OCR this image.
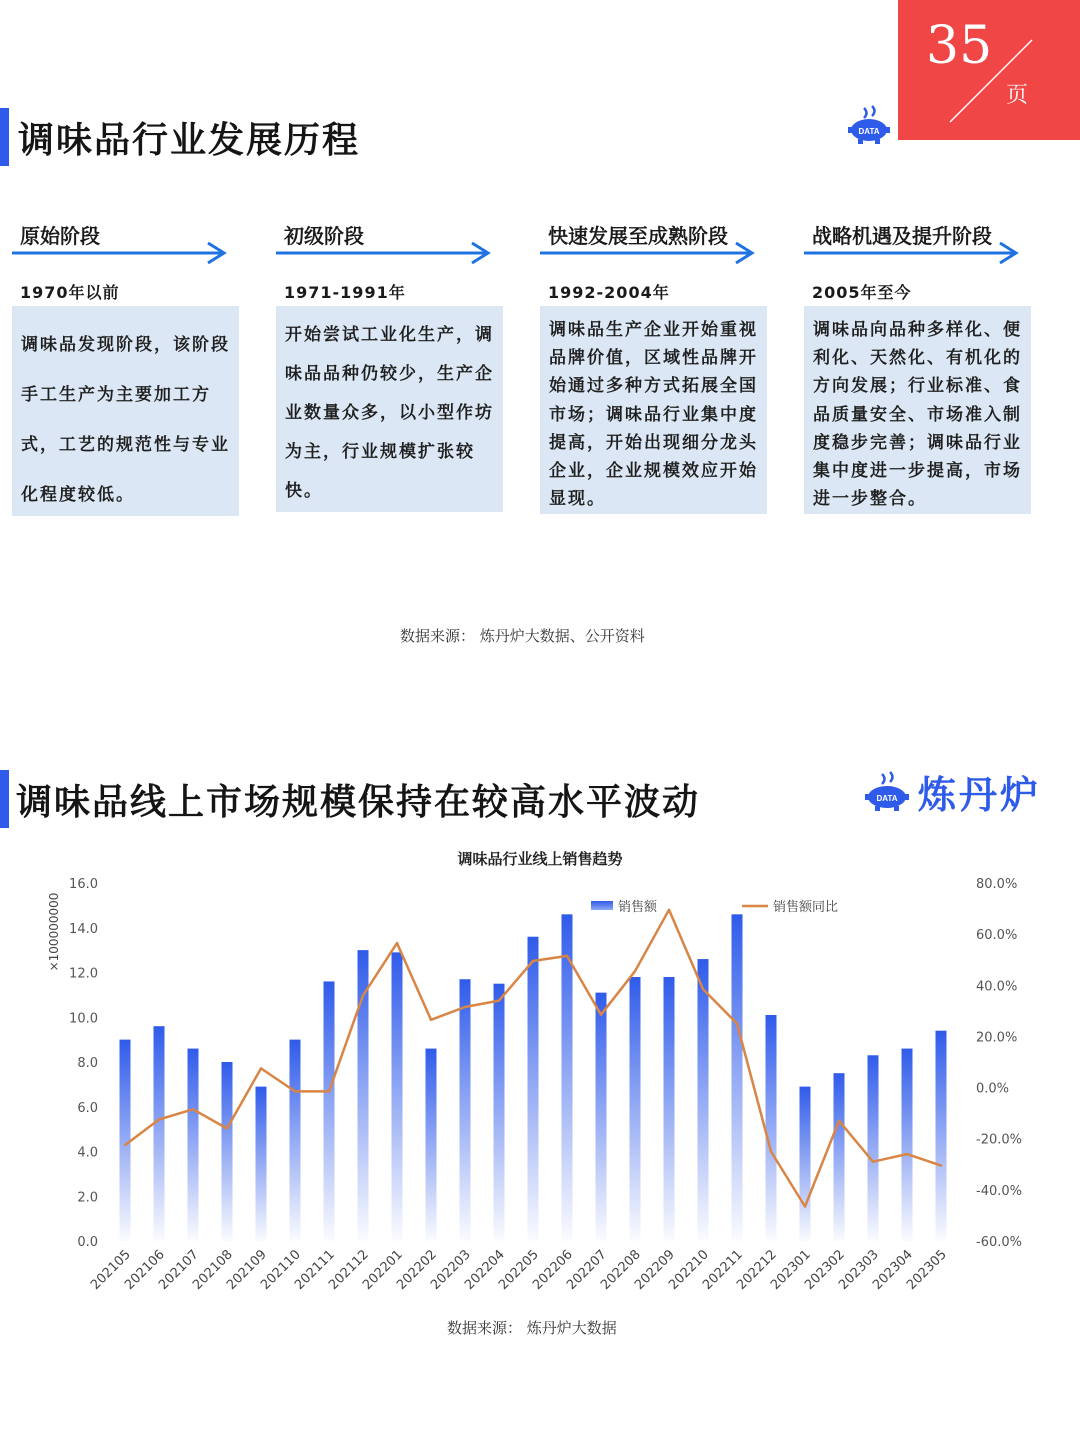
35
页
调味品行业发展历程	DATA
原始阶段
1970年以前
调味品发现阶段，该阶段手工生产为主要加工方式，工艺的规范性与专业化程度较低。
初级阶段
1971-1991年
开始尝试工业化生产，调味品品种仍较少，生产企业数量众多，以小型作坊为主，行业规模扩张较快。
快速发展至成熟阶段
1992-2004年
调味品生产企业开始重视品牌价值，区域性品牌开始通过多种方式拓展全国市场；调味品行业集中度提高，开始出现细分龙头企业，企业规模效应开始显现。
战略机遇及提升阶段
2005年至今
调味品向品种多样化、便利化、天然化、有机化的方向发展；行业标准、食品质量安全、市场准入制度稳步完善；调味品行业集中度进一步提高，市场进一步整合。
数据来源： 炼丹炉大数据、公开资料
调味品线上市场规模保持在较高水平波动	DATA 炼丹炉
调味品行业线上销售趋势
0.0
2.0
4.0
6.0
8.0
10.0
12.0
14.0
16.0
-60.0%
-40.0%
-20.0%
0.0%
20.0%
40.0%
60.0%
80.0%
×100000000
202105
202106
202107
202108
202109
202110
202111
202112
202201
202202
202203
202204
202205
202206
202207
202208
202209
202210
202211
202212
202301
202302
202303
202304
202305
销售额	销售额同比
数据来源： 炼丹炉大数据
